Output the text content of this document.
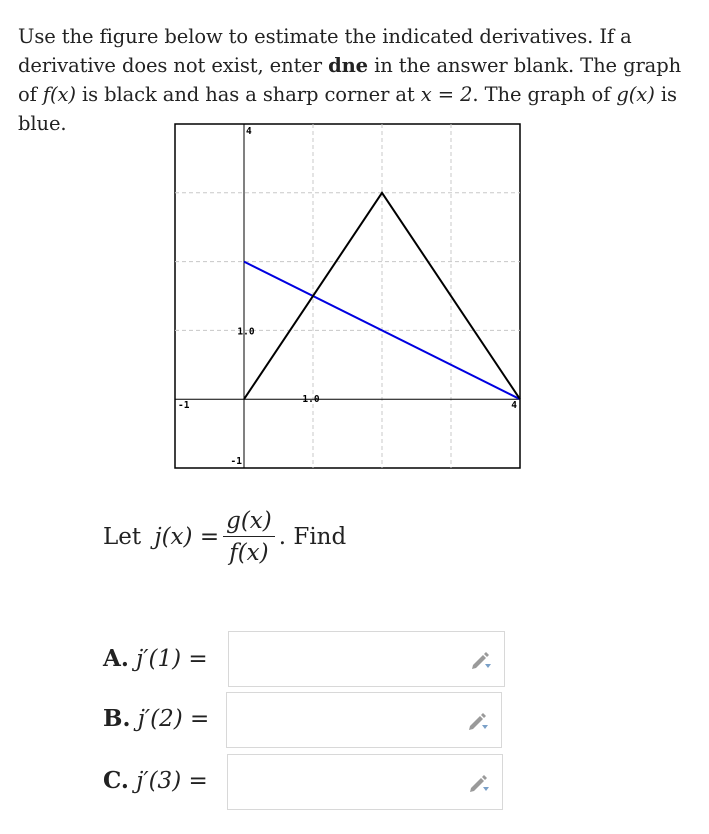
Use the figure below to estimate the indicated derivatives. If a derivative does not exist, enter dne in the answer blank. The graph of f(x) is black and has a sharp corner at x = 2. The graph of g(x) is blue.	4
1.0
-1
1.0
4
-1
Let $j(x) = \frac{g(x)}{f(x)}$ . Find
A. j′(1) =
B. j′(2) =
C. j′(3) =
